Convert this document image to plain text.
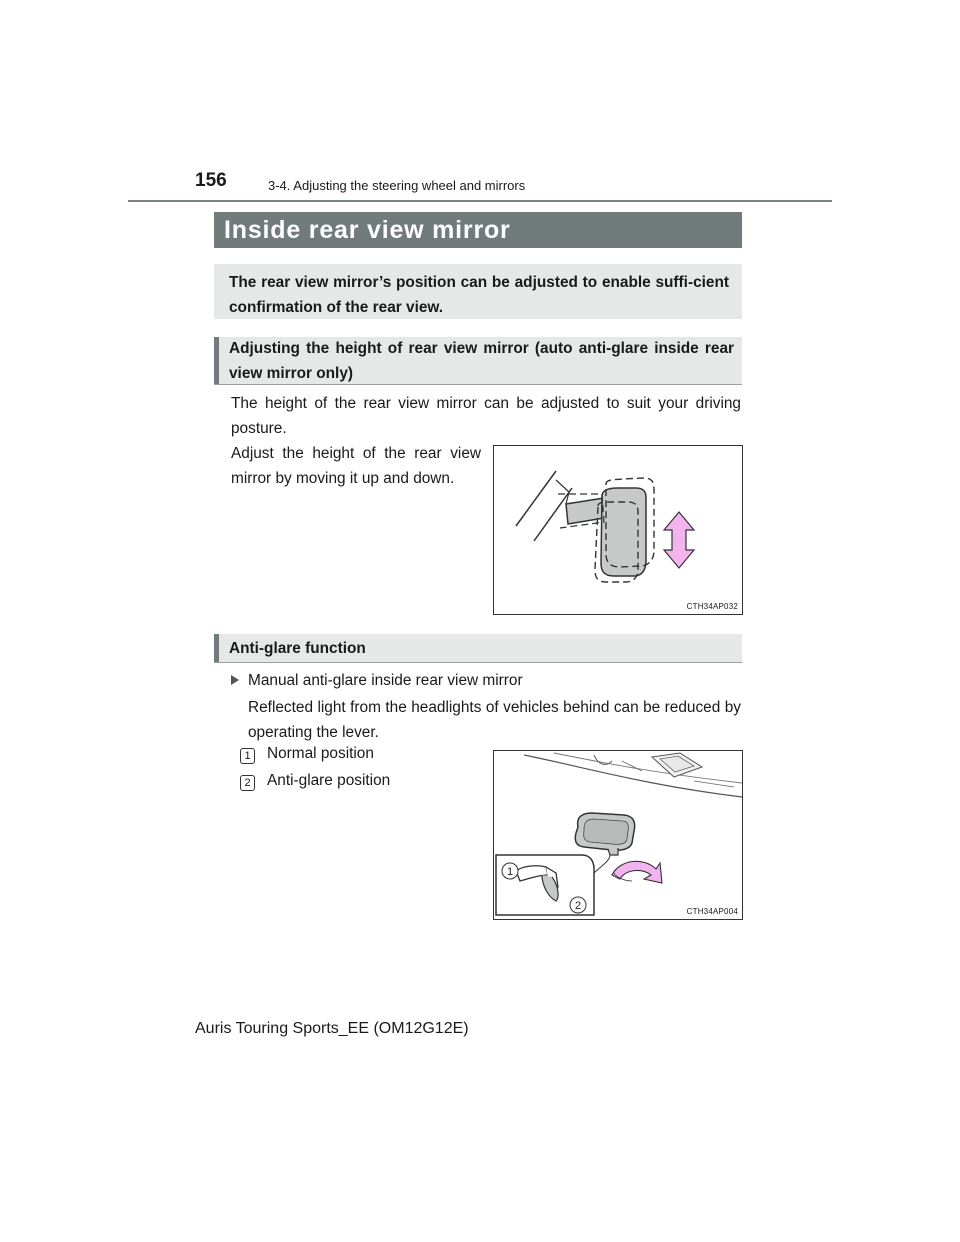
156	3-4. Adjusting the steering wheel and mirrors
Inside rear view mirror
The rear view mirror’s position can be adjusted to enable suffi-cient confirmation of the rear view.
Adjusting the height of rear view mirror (auto anti-glare inside rear view mirror only)
The height of the rear view mirror can be adjusted to suit your driving posture.
Adjust the height of the rear view mirror by moving it up and down.
CTH34AP032
Anti-glare function
Manual anti-glare inside rear view mirror
Reflected light from the headlights of vehicles behind can be reduced by operating the lever.
1 Normal position
2 Anti-glare position
1
2	CTH34AP004
Auris Touring Sports_EE (OM12G12E)
